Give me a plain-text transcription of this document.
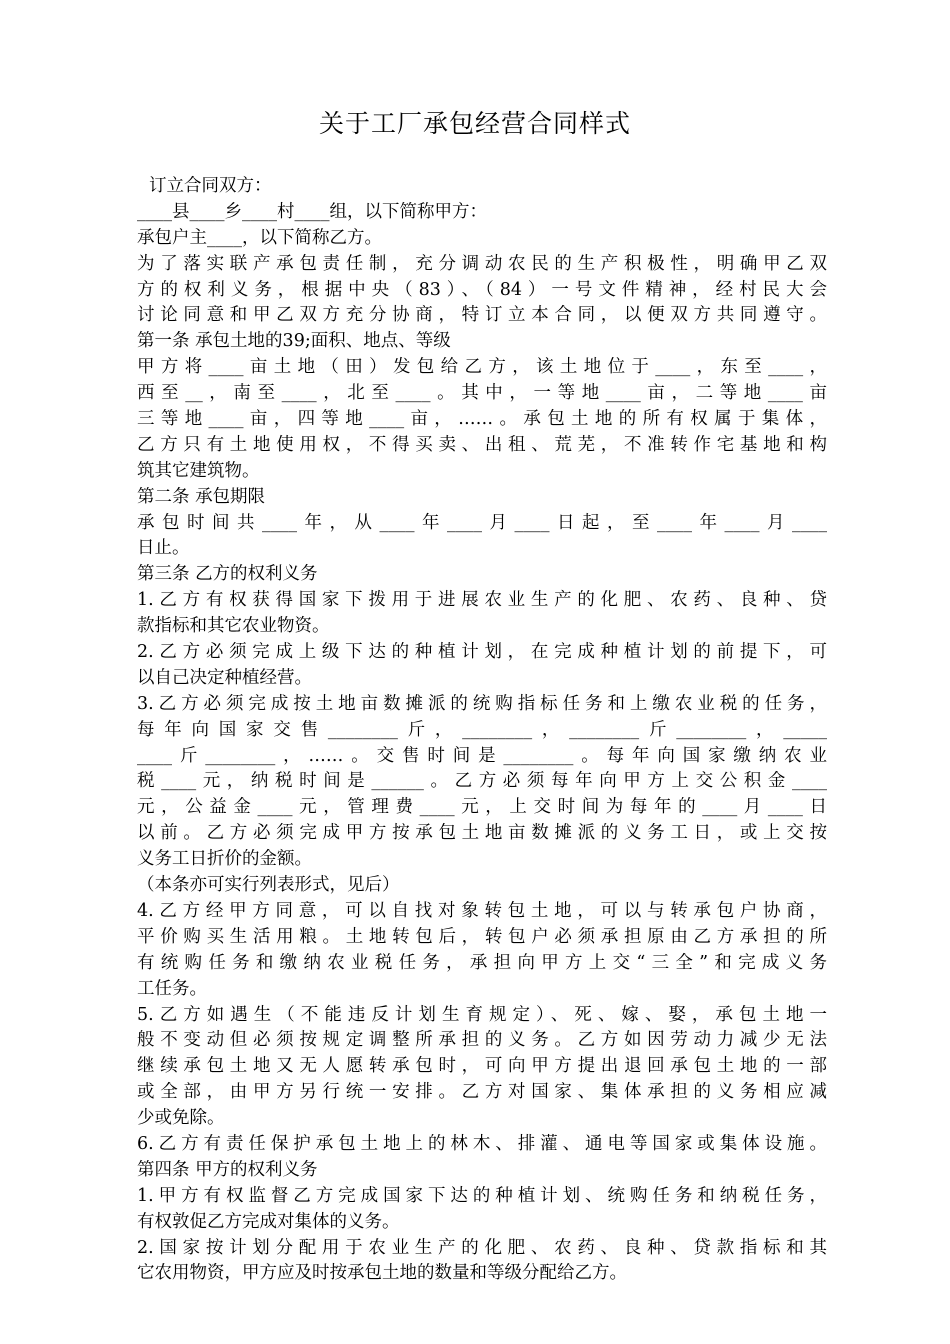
关于工厂承包经营合同样式
订立合同双方：
____县____乡____村____组，以下简称甲方：
承包户主____，以下简称乙方。
为了落实联产承包责任制，充分调动农民的生产积极性，明确甲乙双
方的权利义务，根据中央（83）、（84）一号文件精神，经村民大会
讨论同意和甲乙双方充分协商，特订立本合同，以便双方共同遵守。
第一条 承包土地的39;面积、地点、等级
甲方将____亩土地（田）发包给乙方，该土地位于____，东至____，
西至__，南至____，北至____。其中，一等地____亩，二等地____亩
三等地____亩，四等地____亩，……。承包土地的所有权属于集体，
乙方只有土地使用权，不得买卖、出租、荒芜，不准转作宅基地和构
筑其它建筑物。
第二条 承包期限
承包时间共____年，从____年____月____日起，至____年____月____
日止。
第三条 乙方的权利义务
1.乙方有权获得国家下拨用于进展农业生产的化肥、农药、良种、贷
款指标和其它农业物资。
2.乙方必须完成上级下达的种植计划，在完成种植计划的前提下，可
以自己决定种植经营。
3.乙方必须完成按土地亩数摊派的统购指标任务和上缴农业税的任务，
每年向国家交售________斤，________，________斤________，_____
____斤________，……。交售时间是________。每年向国家缴纳农业
税____元，纳税时间是______。乙方必须每年向甲方上交公积金____
元，公益金____元，管理费____元，上交时间为每年的____月____日
以前。乙方必须完成甲方按承包土地亩数摊派的义务工日，或上交按
义务工日折价的金额。
（本条亦可实行列表形式，见后）
4.乙方经甲方同意，可以自找对象转包土地，可以与转承包户协商，
平价购买生活用粮。土地转包后，转包户必须承担原由乙方承担的所
有统购任务和缴纳农业税任务，承担向甲方上交“三全”和完成义务
工任务。
5.乙方如遇生（不能违反计划生育规定）、死、嫁、娶，承包土地一
般不变动但必须按规定调整所承担的义务。乙方如因劳动力减少无法
继续承包土地又无人愿转承包时，可向甲方提出退回承包土地的一部
或全部，由甲方另行统一安排。乙方对国家、集体承担的义务相应减
少或免除。
6.乙方有责任保护承包土地上的林木、排灌、通电等国家或集体设施。
第四条 甲方的权利义务
1.甲方有权监督乙方完成国家下达的种植计划、统购任务和纳税任务，
有权敦促乙方完成对集体的义务。
2.国家按计划分配用于农业生产的化肥、农药、良种、贷款指标和其
它农用物资，甲方应及时按承包土地的数量和等级分配给乙方。
